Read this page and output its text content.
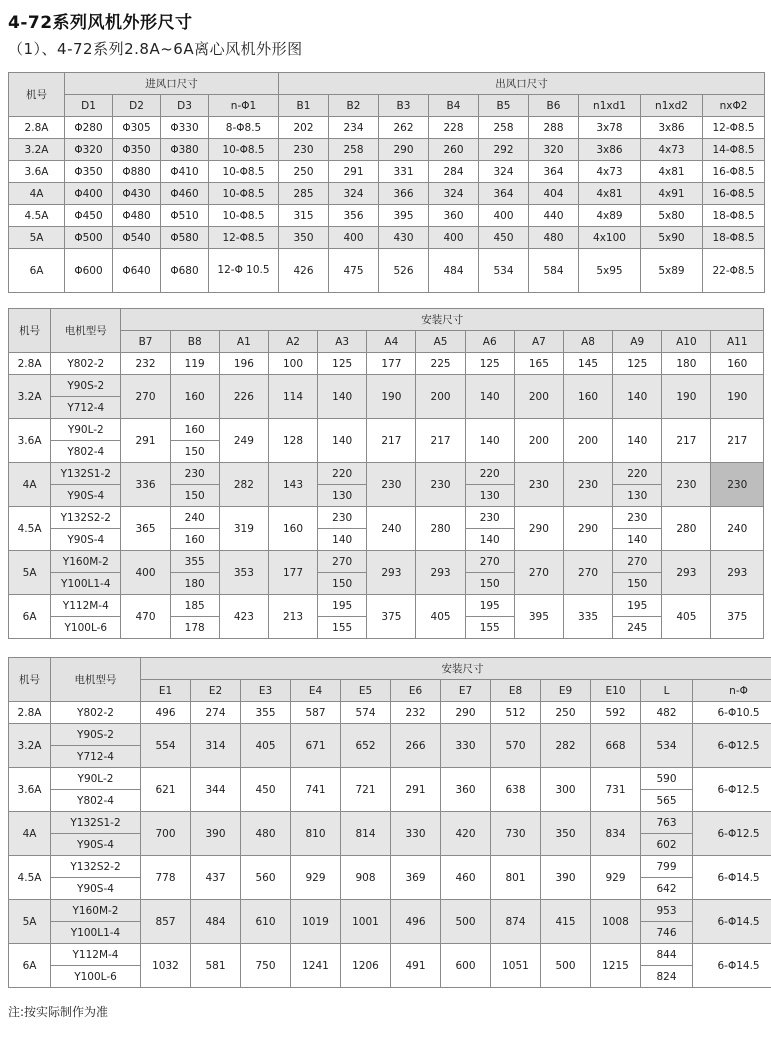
4-72系列风机外形尺寸
（1）、4-72系列2.8A~6A离心风机外形图
机号	进风口尺寸				出风口尺寸								
	D1	D2	D3	n-Φ1	B1	B2	B3	B4	B5	B6	n1xd1	n1xd2	nxΦ2
2.8A	Φ280	Φ305	Φ330	8-Φ8.5	202	234	262	228	258	288	3x78	3x86	12-Φ8.5
3.2A	Φ320	Φ350	Φ380	10-Φ8.5	230	258	290	260	292	320	3x86	4x73	14-Φ8.5
3.6A	Φ350	Φ880	Φ410	10-Φ8.5	250	291	331	284	324	364	4x73	4x81	16-Φ8.5
4A	Φ400	Φ430	Φ460	10-Φ8.5	285	324	366	324	364	404	4x81	4x91	16-Φ8.5
4.5A	Φ450	Φ480	Φ510	10-Φ8.5	315	356	395	360	400	440	4x89	5x80	18-Φ8.5
5A	Φ500	Φ540	Φ580	12-Φ8.5	350	400	430	400	450	480	4x100	5x90	18-Φ8.5
6A	Φ600	Φ640	Φ680	12-Φ 10.5	426	475	526	484	534	584	5x95	5x89	22-Φ8.5
机号	电机型号	安装尺寸												
		B7	B8	A1	A2	A3	A4	A5	A6	A7	A8	A9	A10	A11
2.8A	Y802-2	232	119	196	100	125	177	225	125	165	145	125	180	160
3.2A	Y90S-2	270	160	226	114	140	190	200	140	200	160	140	190	190
	Y712-4													
3.6A	Y90L-2	291	160	249	128	140	217	217	140	200	200	140	217	217
	Y802-4		150											
4A	Y132S1-2	336	230	282	143	220	230	230	220	230	230	220	230	230
	Y90S-4		150			130			130			130		
4.5A	Y132S2-2	365	240	319	160	230	240	280	230	290	290	230	280	240
	Y90S-4		160			140			140			140		
5A	Y160M-2	400	355	353	177	270	293	293	270	270	270	270	293	293
	Y100L1-4		180			150			150			150		
6A	Y112M-4	470	185	423	213	195	375	405	195	395	335	195	405	375
	Y100L-6		178			155			155			245		
机号	电机型号	安装尺寸											
		E1	E2	E3	E4	E5	E6	E7	E8	E9	E10	L	n-Φ
2.8A	Y802-2	496	274	355	587	574	232	290	512	250	592	482	6-Φ10.5
3.2A	Y90S-2	554	314	405	671	652	266	330	570	282	668	534	6-Φ12.5
	Y712-4												
3.6A	Y90L-2	621	344	450	741	721	291	360	638	300	731	590	6-Φ12.5
	Y802-4											565	
4A	Y132S1-2	700	390	480	810	814	330	420	730	350	834	763	6-Φ12.5
	Y90S-4											602	
4.5A	Y132S2-2	778	437	560	929	908	369	460	801	390	929	799	6-Φ14.5
	Y90S-4											642	
5A	Y160M-2	857	484	610	1019	1001	496	500	874	415	1008	953	6-Φ14.5
	Y100L1-4											746	
6A	Y112M-4	1032	581	750	1241	1206	491	600	1051	500	1215	844	6-Φ14.5
	Y100L-6											824	
注:按实际制作为准
